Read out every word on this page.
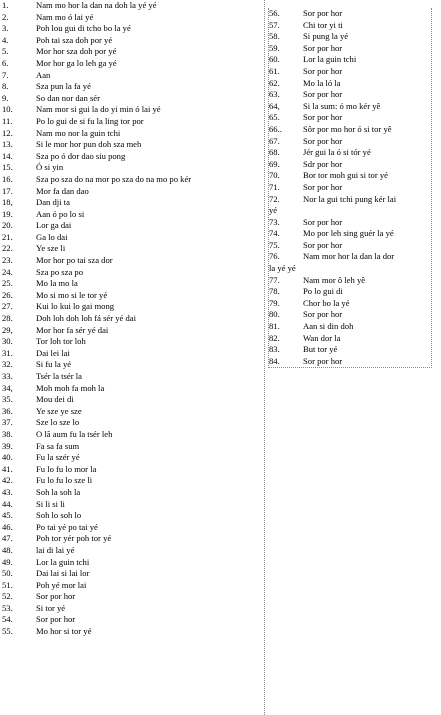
1.	Nam mo hor la dan na doh la yé yé
2.	Nam mo ó lai yé
3.	Poh lou gui di tcho bo la yé
4.	Poh tai sza doh por yé
5.	Mor hor sza doh por yé
6.	Mor hor ga lo leh ga yé
7.	Aan
8.	Sza pun la fa yé
9.	So dan nor dan sér
10.	Nam mor si gui la do yi min ó lai yé
11.	Po lo gui de si fu la ling tor por
12.	Nam mo nor la guin tchi
13.	Si le mor hor pun doh sza meh
14.	Sza po ó dor dao siu pong
15.	Ó si yin
16.	Sza po sza do na mor po sza do na mo po kér
17.	Mor fa dan dao
18,	Dan dji ta
19.	Aan ó po lo si
20.	Lor ga dai
21.	Ga lo dai
22.	Ye sze li
23.	Mor hor po tai sza dor
24.	Sza po sza po
25.	Mo la mo la
26.	Mo si mo si le tor yé
27.	Kui lo kui lo gai mong
28.	Doh loh doh loh fá sér yé dai
29,	Mor hor fa sér yé dai
30.	Tor loh tor loh
31.	Dai lei lai
32.	Si fu la yé
33.	Tsér la tsér la
34,	Moh moh fa moh la
35.	Mou dei di
36.	Ye sze ye sze
37.	Sze lo sze lo
38.	O lã aum fu la tsér leh
39.	Fa sa fa sum
40.	Fu la szér yé
41.	Fu lo fu lo mor la
42.	Fu lo fu lo sze li
43.	Soh la soh la
44.	Si li si li
45.	Soh lo soh lo
46.	Po tai yé po tai yé
47.	Poh tor yér poh tor yé
48.	lai di lai yé
49.	Lor la guin tchi
50.	Dai lai si lai lor
51.	Poh yé mor lai
52.	Sor por hor
53.	Si tor yé
54.	Sor por hor
55.	Mo hor si tor yé
56.	Sor por hor
57.	Chi tor yi ti
58.	Si pung la yé
59.	Sor por hor
60.	Lor la guin tchi
61.	Sor por hor
62.	Mo la ló la
63.	Sor por hor
64,	Si la sum: ó mo kér yê
65.	Sor por hor
66..	Sôr por mo hor ó si tor yê
67.	Sor por hor
68.	Jér gui la ó si tór yé
69.	Sdr por hor
70.	Bor tor moh gui si tor yé
71.	Sor por hor
72.	Nor la gui tchi pung kér lai
yé
73.	Sor por hor
74.	Mo por leh sing guér la yé
75.	Sor por hor
76.	Nam mor hor la dan la dor
la yé yé
77.	Nam mor ô leh yê
78.	Po lo gui di
79.	Chor bo la yé
80.	Sor por hor
81.	Aan si din doh
82.	Wan dor la
83.	But tor yé
84.	Sor por hor
